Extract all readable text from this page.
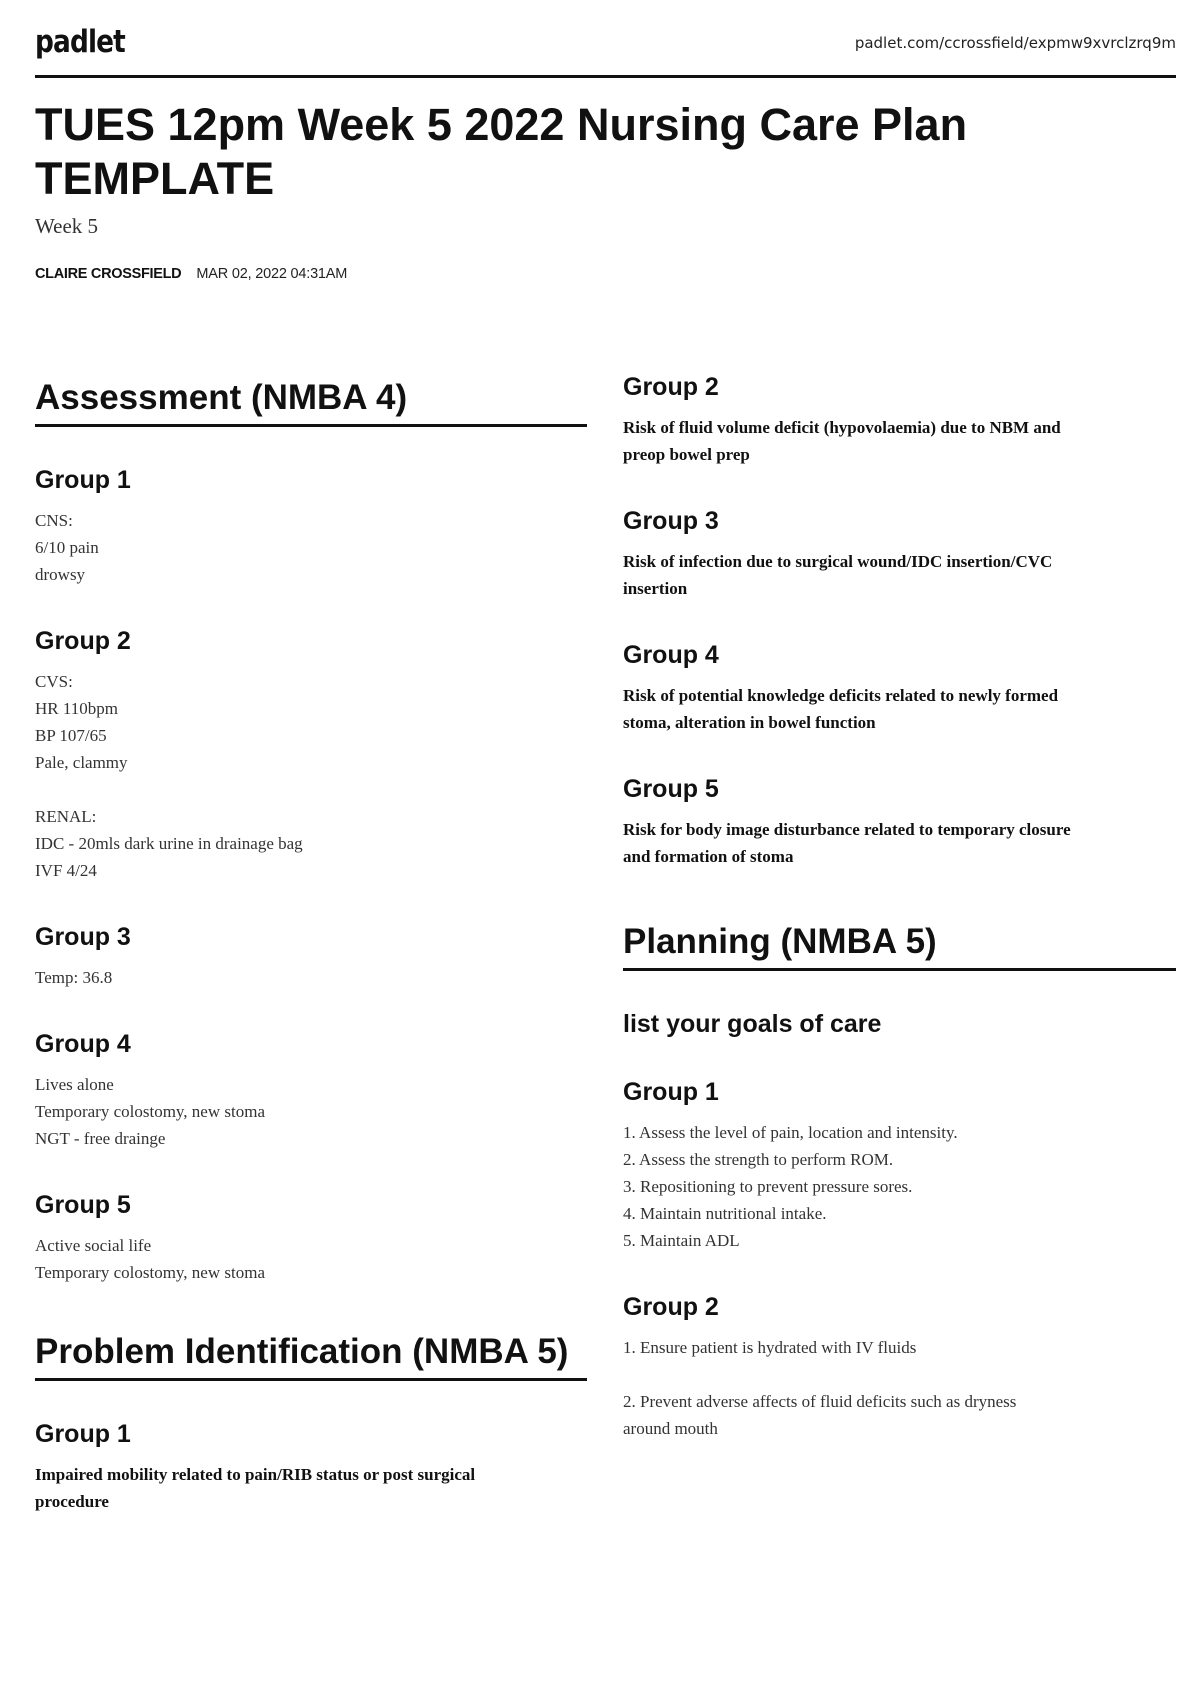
padlet	padlet.com/ccrossfield/expmw9xvrclzrq9m
TUES 12pm Week 5 2022 Nursing Care Plan TEMPLATE
Week 5
CLAIRE CROSSFIELD MAR 02, 2022 04:31AM
Assessment (NMBA 4)
Group 1
CNS:
6/10 pain
drowsy
Group 2
CVS:
HR 110bpm
BP 107/65
Pale, clammy
RENAL:
IDC - 20mls dark urine in drainage bag
IVF 4/24
Group 3
Temp: 36.8
Group 4
Lives alone
Temporary colostomy, new stoma
NGT - free drainge
Group 5
Active social life
Temporary colostomy, new stoma
Problem Identification (NMBA 5)
Group 1
Impaired mobility related to pain/RIB status or post surgical
procedure
Group 2
Risk of fluid volume deficit (hypovolaemia) due to NBM and
preop bowel prep
Group 3
Risk of infection due to surgical wound/IDC insertion/CVC
insertion
Group 4
Risk of potential knowledge deficits related to newly formed
stoma, alteration in bowel function
Group 5
Risk for body image disturbance related to temporary closure
and formation of stoma
Planning (NMBA 5)
list your goals of care
Group 1
1. Assess the level of pain, location and intensity.
2. Assess the strength to perform ROM.
3. Repositioning to prevent pressure sores.
4. Maintain nutritional intake.
5. Maintain ADL
Group 2
1. Ensure patient is hydrated with IV fluids
2. Prevent adverse affects of fluid deficits such as dryness
around mouth
